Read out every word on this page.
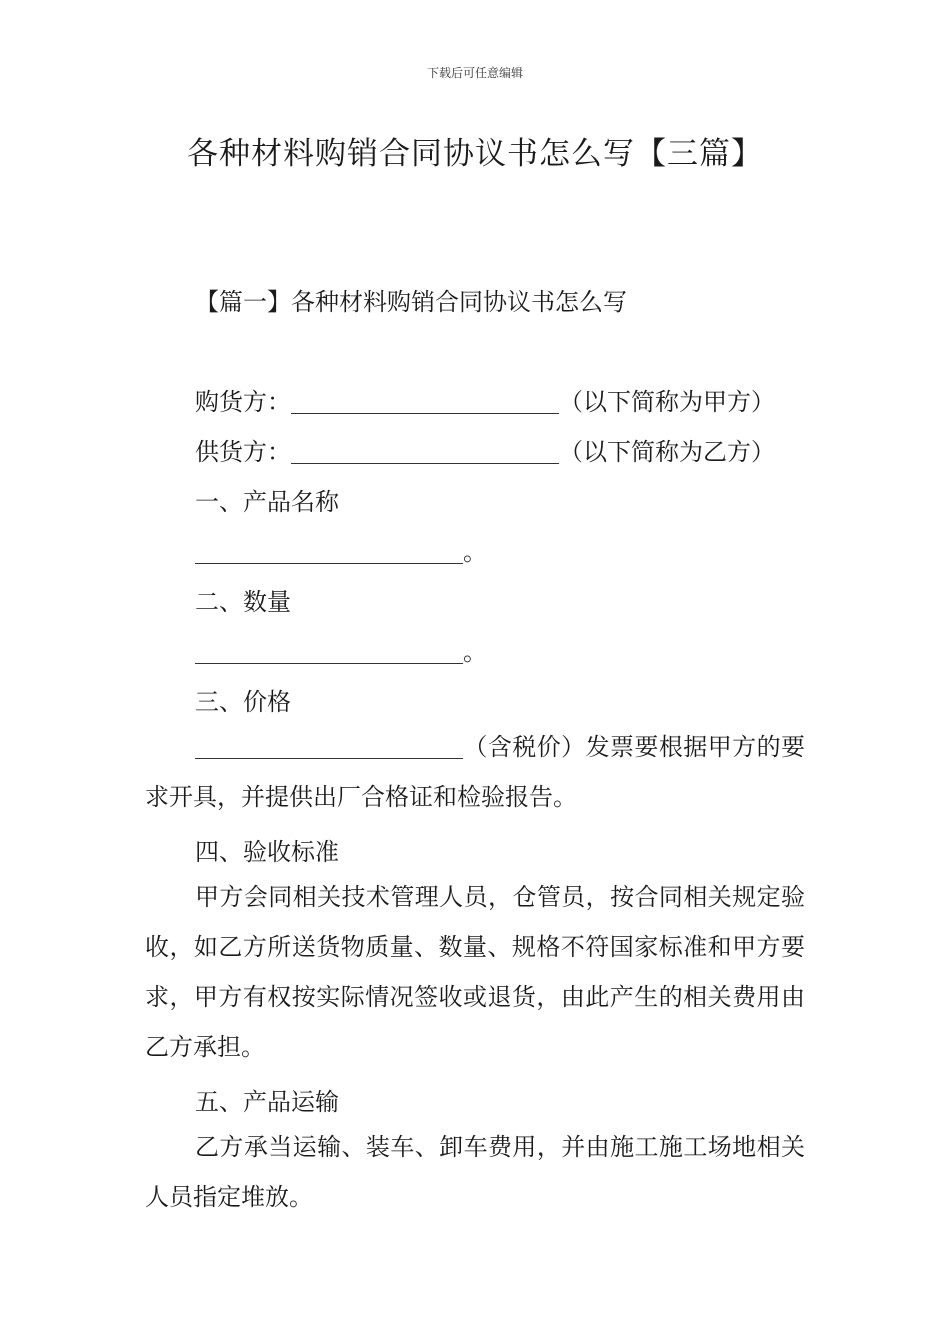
下载后可任意编辑
各种材料购销合同协议书怎么写【三篇】
【篇一】各种材料购销合同协议书怎么写
购货方：	（以下简称为甲方）
供货方：	（以下简称为乙方）
一、产品名称
。
二、数量
。
三、价格
（含税价）发票要根据甲方的要求开具，并提供出厂合格证和检验报告。
四、验收标准
甲方会同相关技术管理人员，仓管员，按合同相关规定验收，如乙方所送货物质量、数量、规格不符国家标准和甲方要求，甲方有权按实际情况签收或退货，由此产生的相关费用由乙方承担。
五、产品运输
乙方承当运输、装车、卸车费用，并由施工施工场地相关人员指定堆放。
